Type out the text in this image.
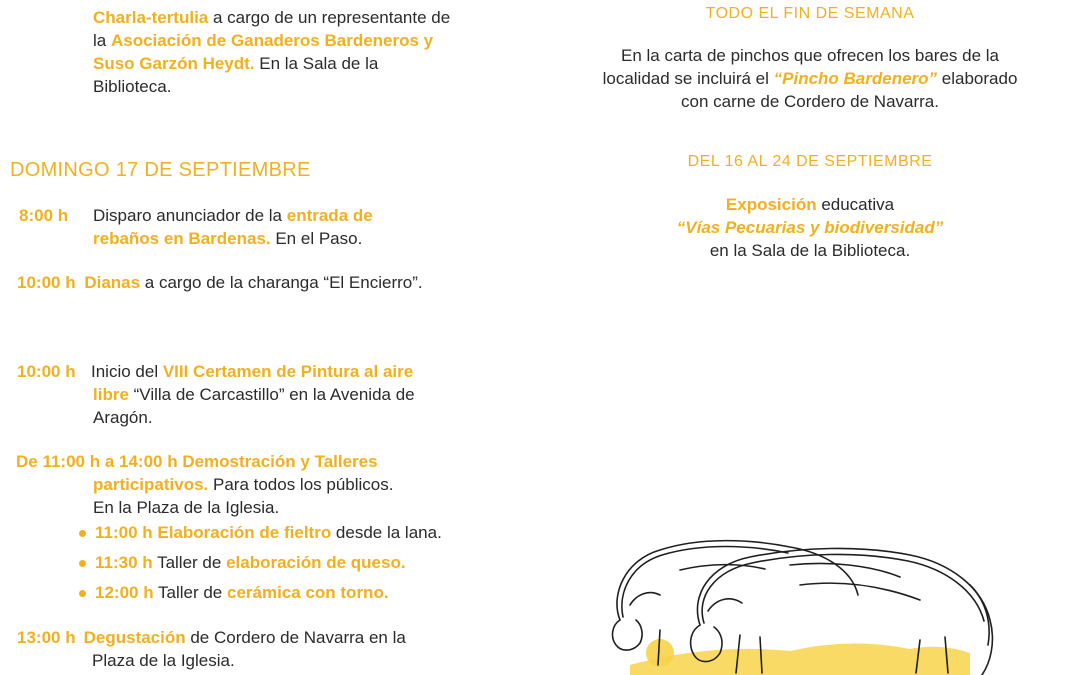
Charla-tertulia a cargo de un representante de
la Asociación de Ganaderos Bardeneros y
Suso Garzón Heydt. En la Sala de la
Biblioteca.
DOMINGO 17 DE SEPTIEMBRE
8:00 h Disparo anunciador de la entrada de
rebaños en Bardenas. En el Paso.
10:00 h Dianas a cargo de la charanga “El Encierro”.
10:00 h Inicio del VIII Certamen de Pintura al aire
libre “Villa de Carcastillo” en la Avenida de
Aragón.
De 11:00 h a 14:00 h Demostración y Talleres
participativos. Para todos los públicos.
En la Plaza de la Iglesia.
11:00 h Elaboración de fieltro desde la lana.
11:30 h Taller de elaboración de queso.
12:00 h Taller de cerámica con torno.
13:00 h Degustación de Cordero de Navarra en la
Plaza de la Iglesia.
TODO EL FIN DE SEMANA
En la carta de pinchos que ofrecen los bares de la
localidad se incluirá el “Pincho Bardenero” elaborado
con carne de Cordero de Navarra.
DEL 16 AL 24 DE SEPTIEMBRE
Exposición educativa
“Vías Pecuarias y biodiversidad”
en la Sala de la Biblioteca.
